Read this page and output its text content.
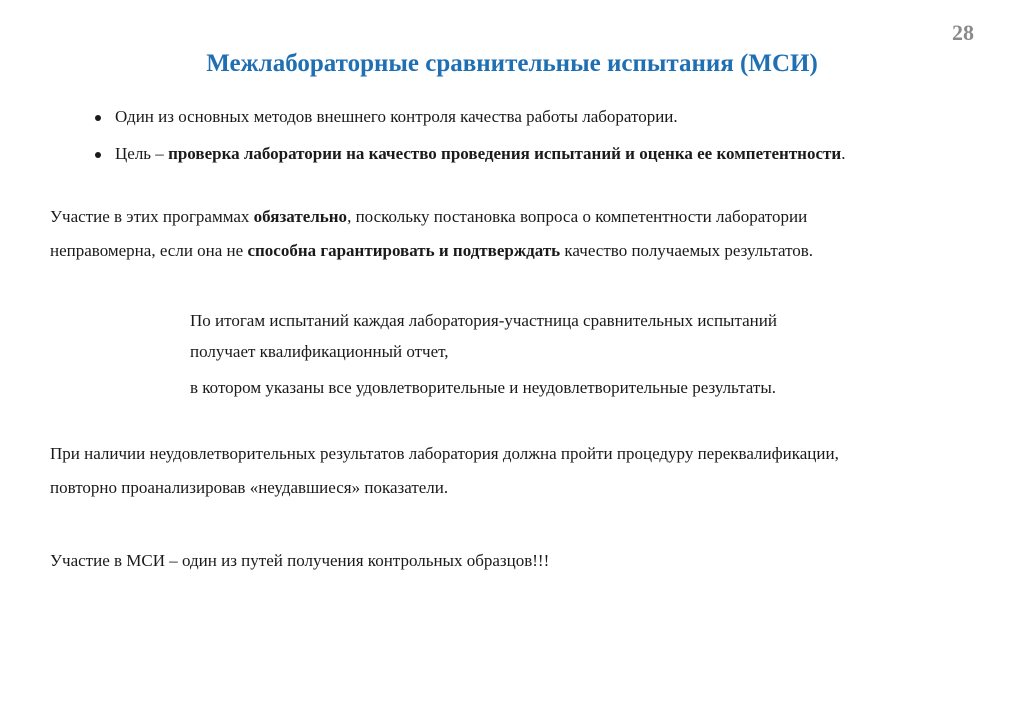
28
Межлабораторные сравнительные испытания (МСИ)
Один из основных методов внешнего контроля качества работы лаборатории.
Цель – проверка лаборатории на качество проведения испытаний и оценка ее компетентности.

Участие в этих программах обязательно, поскольку постановка вопроса о компетентности лаборатории
неправомерна, если она не способна гарантировать и подтверждать качество получаемых результатов.

По итогам испытаний каждая лаборатория-участница сравнительных испытаний
получает квалификационный отчет,
в котором указаны все удовлетворительные и неудовлетворительные результаты.

При наличии неудовлетворительных результатов лаборатория должна пройти процедуру переквалификации,
повторно проанализировав «неудавшиеся» показатели.

Участие в МСИ – один из путей получения контрольных образцов!!!
